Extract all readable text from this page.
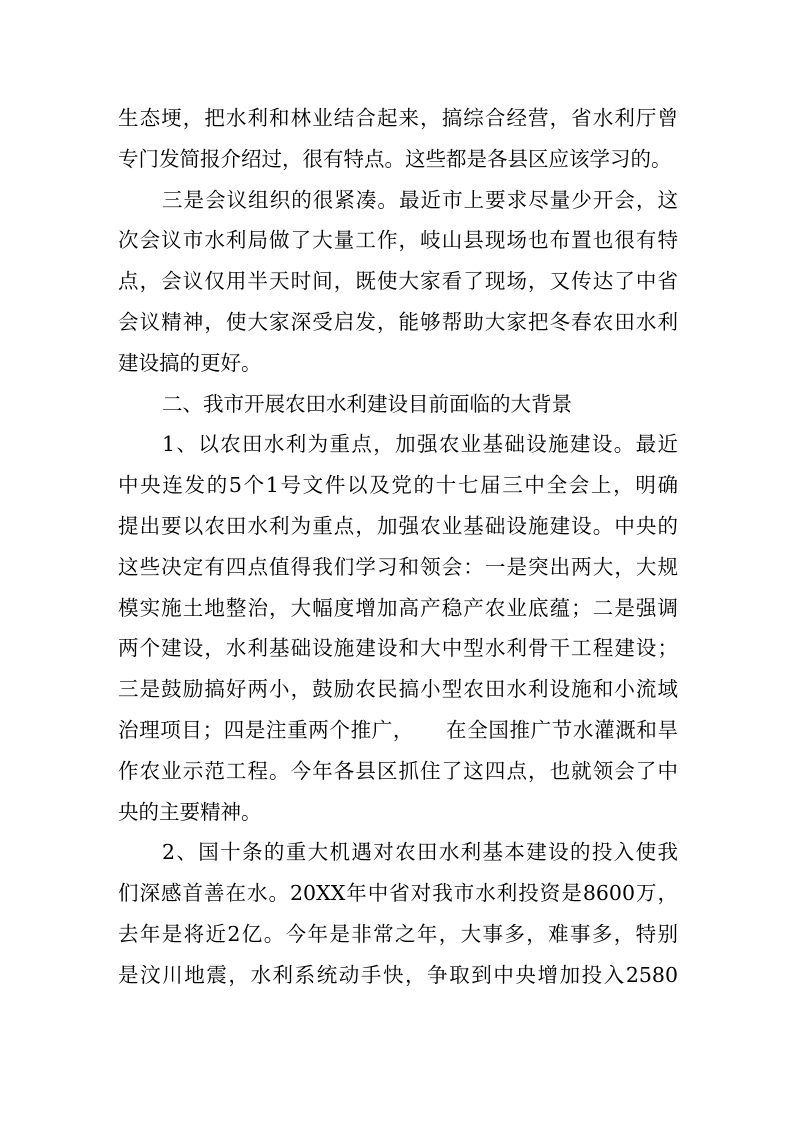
生态埂，把水利和林业结合起来，搞综合经营，省水利厅曾
专门发简报介绍过，很有特点。这些都是各县区应该学习的。
三是会议组织的很紧凑。最近市上要求尽量少开会，这
次会议市水利局做了大量工作，岐山县现场也布置也很有特
点，会议仅用半天时间，既使大家看了现场，又传达了中省
会议精神，使大家深受启发，能够帮助大家把冬春农田水利
建设搞的更好。
二、我市开展农田水利建设目前面临的大背景
1、以农田水利为重点，加强农业基础设施建设。最近
中央连发的5个1号文件以及党的十七届三中全会上，明确
提出要以农田水利为重点，加强农业基础设施建设。中央的
这些决定有四点值得我们学习和领会：一是突出两大，大规
模实施土地整治，大幅度增加高产稳产农业底蕴；二是强调
两个建设，水利基础设施建设和大中型水利骨干工程建设；
三是鼓励搞好两小，鼓励农民搞小型农田水利设施和小流域
治理项目；四是注重两个推广，　　在全国推广节水灌溉和旱
作农业示范工程。今年各县区抓住了这四点，也就领会了中
央的主要精神。
2、国十条的重大机遇对农田水利基本建设的投入使我
们深感首善在水。20XX年中省对我市水利投资是8600万，
去年是将近2亿。今年是非常之年，大事多，难事多，特别
是汶川地震，水利系统动手快，争取到中央增加投入2580
